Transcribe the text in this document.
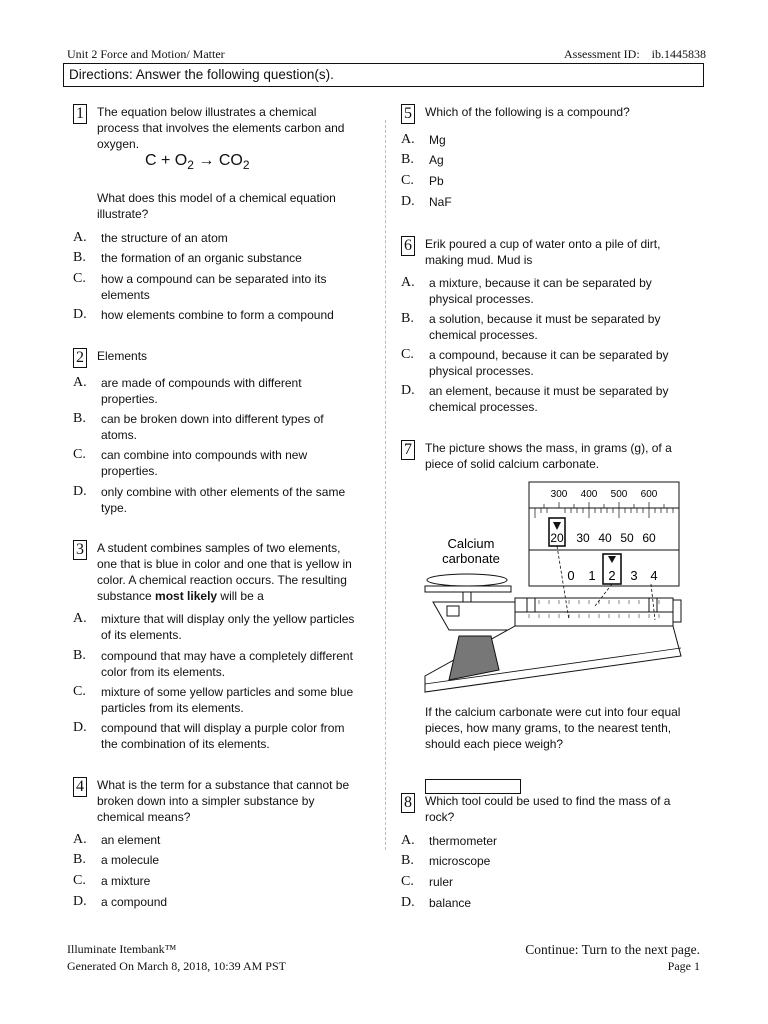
Unit 2 Force and Motion/ Matter	Assessment ID: ib.1445838
Directions: Answer the following question(s).
1 The equation below illustrates a chemical
process that involves the elements carbon and
oxygen.
$C + O_2 \to CO_2$
What does this model of a chemical equation
illustrate?
A.	the structure of an atom
B.	the formation of an organic substance
C.	how a compound can be separated into its
elements
D.	how elements combine to form a compound
2 Elements
A.	are made of compounds with different
properties.
B.	can be broken down into different types of
atoms.
C.	can combine into compounds with new
properties.
D.	only combine with other elements of the same
type.
3 A student combines samples of two elements,
one that is blue in color and one that is yellow in
color. A chemical reaction occurs. The resulting
substance most likely will be a
A.	mixture that will display only the yellow particles
of its elements.
B.	compound that may have a completely different
color from its elements.
C.	mixture of some yellow particles and some blue
particles from its elements.
D.	compound that will display a purple color from
the combination of its elements.
4 What is the term for a substance that cannot be
broken down into a simpler substance by
chemical means?
A.	an element
B.	a molecule
C.	a mixture
D.	a compound
5 Which of the following is a compound?
A.	Mg
B.	Ag
C.	Pb
D.	NaF
6 Erik poured a cup of water onto a pile of dirt,
making mud. Mud is
A.	a mixture, because it can be separated by
physical processes.
B.	a solution, because it must be separated by
chemical processes.
C.	a compound, because it can be separated by
physical processes.
D.	an element, because it must be separated by
chemical processes.
7 The picture shows the mass, in grams (g), of a
piece of solid calcium carbonate.
300 400 500 600
20 30 40 50 60
0 1 2 3 4
Calcium
carbonate
If the calcium carbonate were cut into four equal
pieces, how many grams, to the nearest tenth,
should each piece weigh?
8 Which tool could be used to find the mass of a
rock?
A.	thermometer
B.	microscope
C.	ruler
D.	balance
Illuminate Itembank™
Generated On March 8, 2018, 10:39 AM PST
Continue: Turn to the next page.
Page 1
